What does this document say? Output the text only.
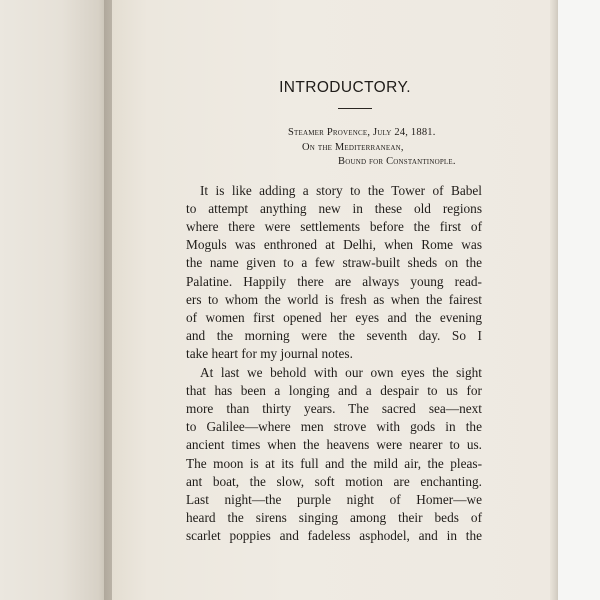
INTRODUCTORY.
Steamer Provence, July 24, 1881.
On the Mediterranean,
Bound for Constantinople.
It is like adding a story to the Tower of Babel
to attempt anything new in these old regions
where there were settlements before the first of
Moguls was enthroned at Delhi, when Rome was
the name given to a few straw-built sheds on the
Palatine. Happily there are always young read-
ers to whom the world is fresh as when the fairest
of women first opened her eyes and the evening
and the morning were the seventh day. So I
take heart for my journal notes.
At last we behold with our own eyes the sight
that has been a longing and a despair to us for
more than thirty years. The sacred sea—next
to Galilee—where men strove with gods in the
ancient times when the heavens were nearer to us.
The moon is at its full and the mild air, the pleas-
ant boat, the slow, soft motion are enchanting.
Last night—the purple night of Homer—we
heard the sirens singing among their beds of
scarlet poppies and fadeless asphodel, and in the
